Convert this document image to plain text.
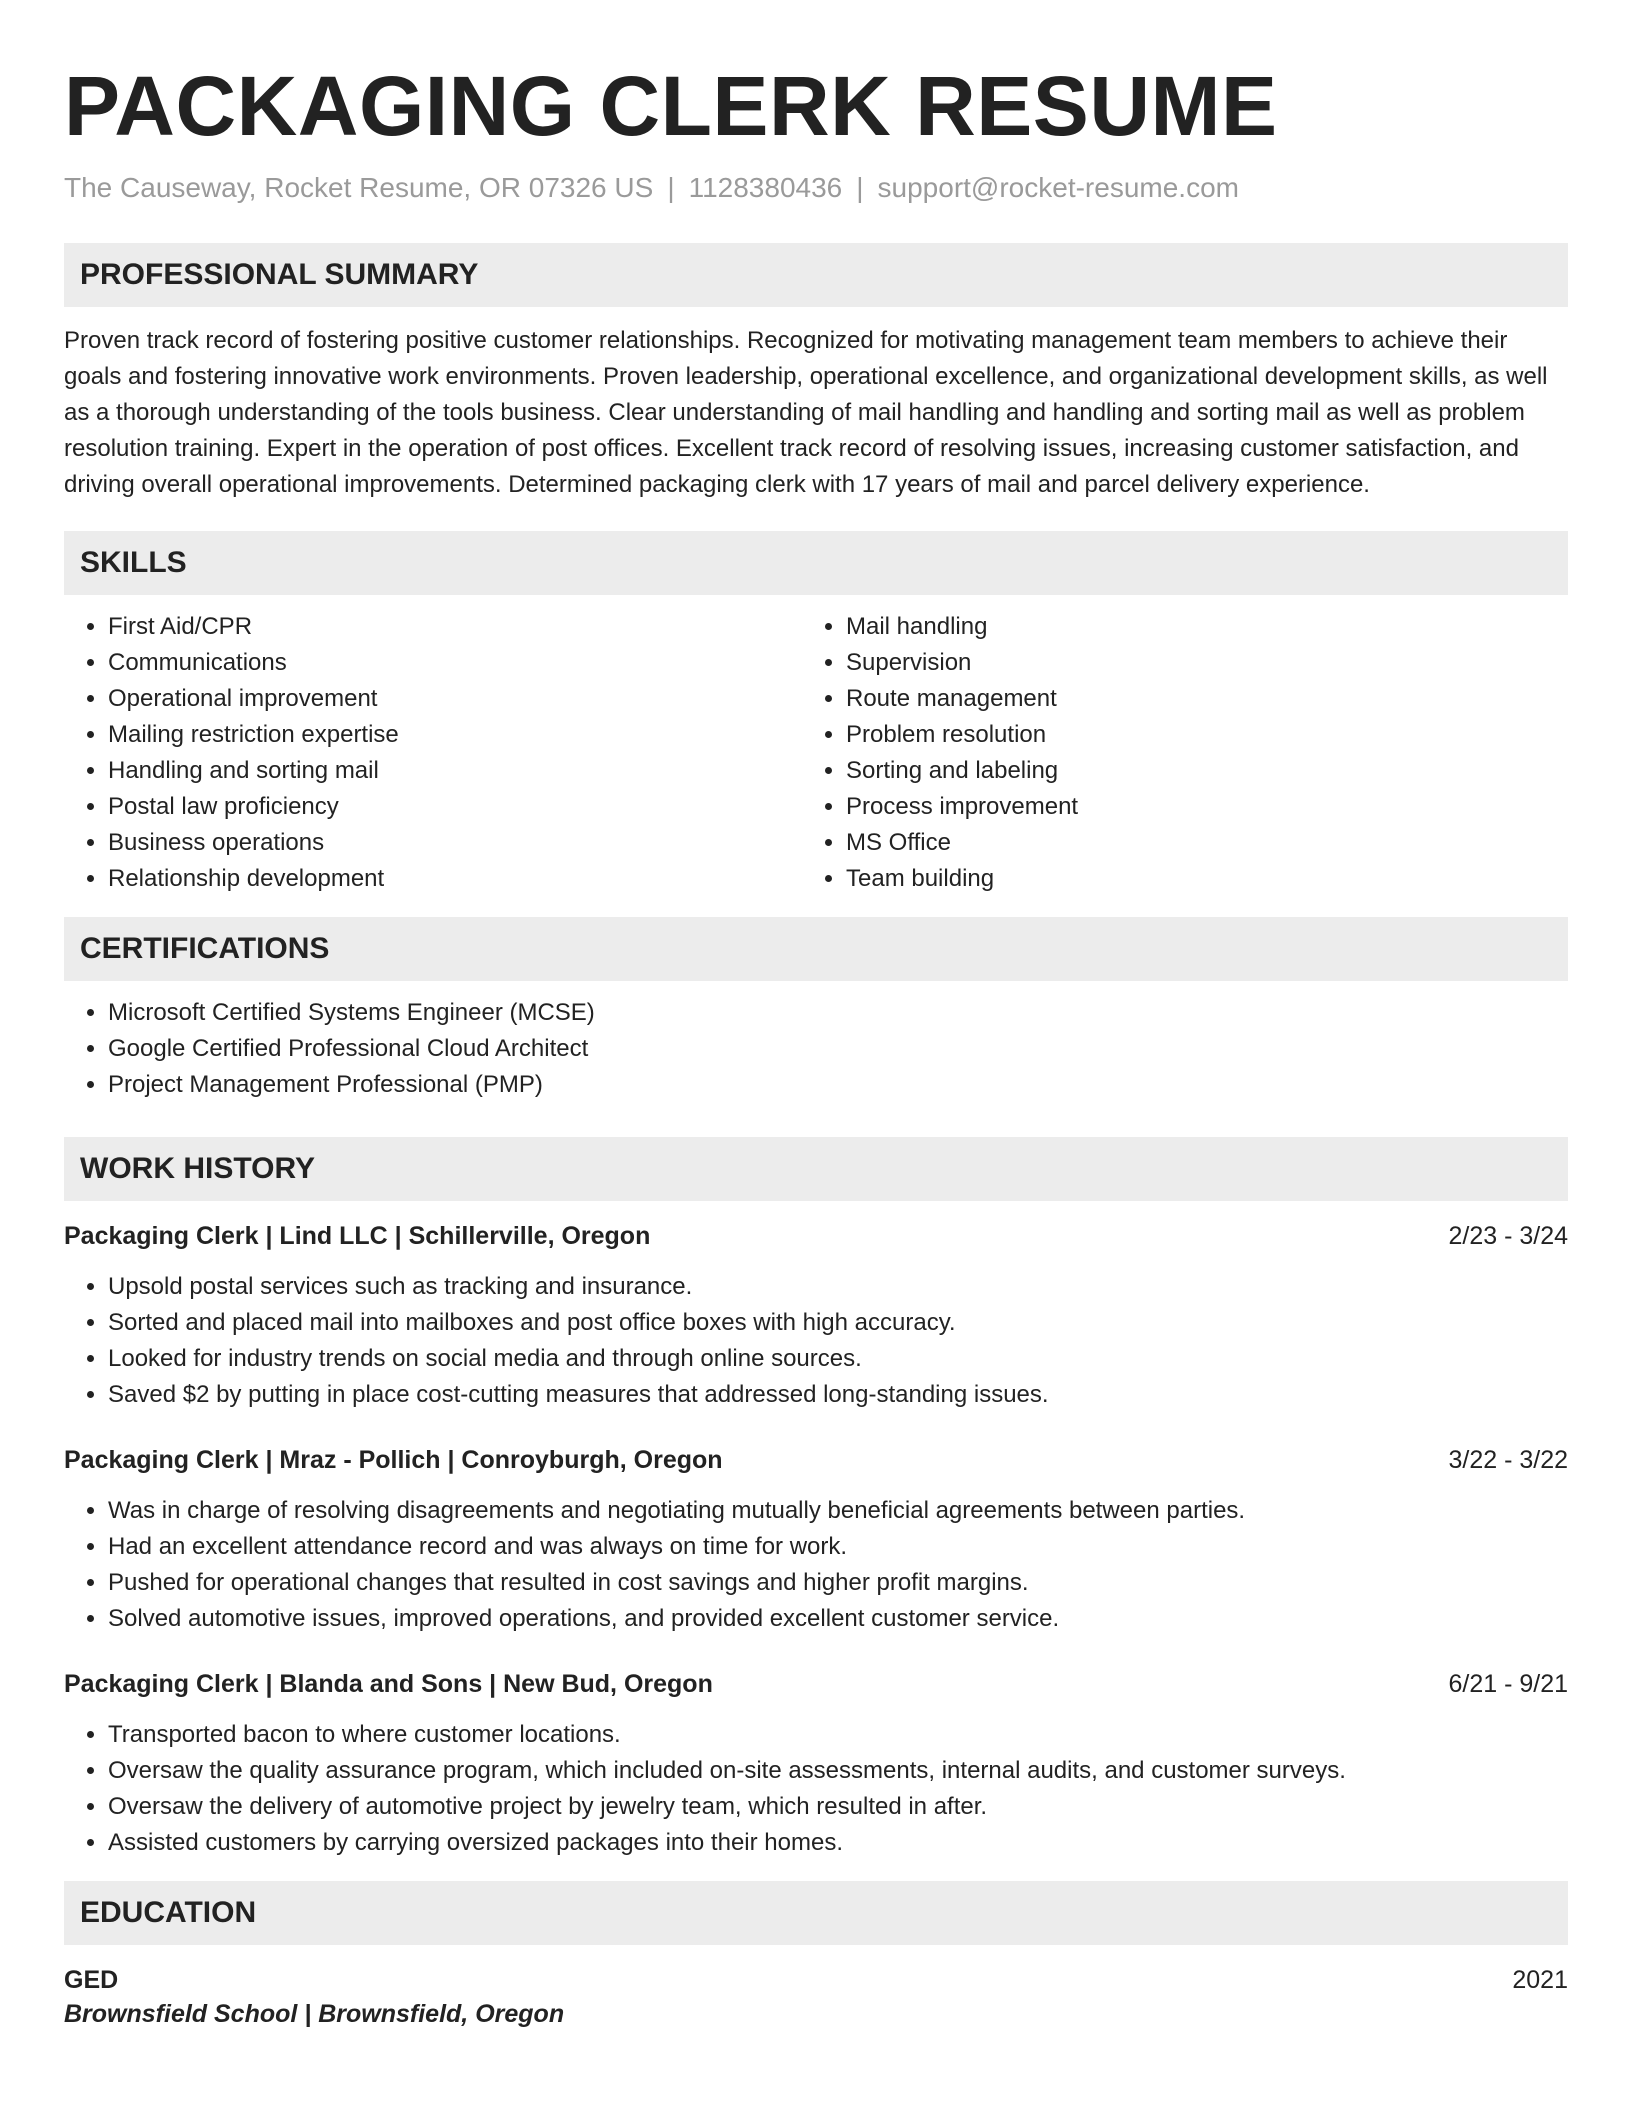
PACKAGING CLERK RESUME
The Causeway, Rocket Resume, OR 07326 US | 1128380436 | support@rocket-resume.com
PROFESSIONAL SUMMARY

Proven track record of fostering positive customer relationships. Recognized for motivating management team members to achieve their goals and fostering innovative work environments. Proven leadership, operational excellence, and organizational development skills, as well as a thorough understanding of the tools business. Clear understanding of mail handling and handling and sorting mail as well as problem resolution training. Expert in the operation of post offices. Excellent track record of resolving issues, increasing customer satisfaction, and driving overall operational improvements. Determined packaging clerk with 17 years of mail and parcel delivery experience.

SKILLS
• First Aid/CPR
• Communications
• Operational improvement
• Mailing restriction expertise
• Handling and sorting mail
• Postal law proficiency
• Business operations
• Relationship development
• Mail handling
• Supervision
• Route management
• Problem resolution
• Sorting and labeling
• Process improvement
• MS Office
• Team building
CERTIFICATIONS
• Microsoft Certified Systems Engineer (MCSE)
• Google Certified Professional Cloud Architect
• Project Management Professional (PMP)
WORK HISTORY
Packaging Clerk | Lind LLC | Schillerville, Oregon	2/23 - 3/24
• Upsold postal services such as tracking and insurance.
• Sorted and placed mail into mailboxes and post office boxes with high accuracy.
• Looked for industry trends on social media and through online sources.
• Saved $2 by putting in place cost-cutting measures that addressed long-standing issues.
Packaging Clerk | Mraz - Pollich | Conroyburgh, Oregon	3/22 - 3/22
• Was in charge of resolving disagreements and negotiating mutually beneficial agreements between parties.
• Had an excellent attendance record and was always on time for work.
• Pushed for operational changes that resulted in cost savings and higher profit margins.
• Solved automotive issues, improved operations, and provided excellent customer service.
Packaging Clerk | Blanda and Sons | New Bud, Oregon	6/21 - 9/21
• Transported bacon to where customer locations.
• Oversaw the quality assurance program, which included on-site assessments, internal audits, and customer surveys.
• Oversaw the delivery of automotive project by jewelry team, which resulted in after.
• Assisted customers by carrying oversized packages into their homes.
EDUCATION
GED	2021
Brownsfield School | Brownsfield, Oregon
